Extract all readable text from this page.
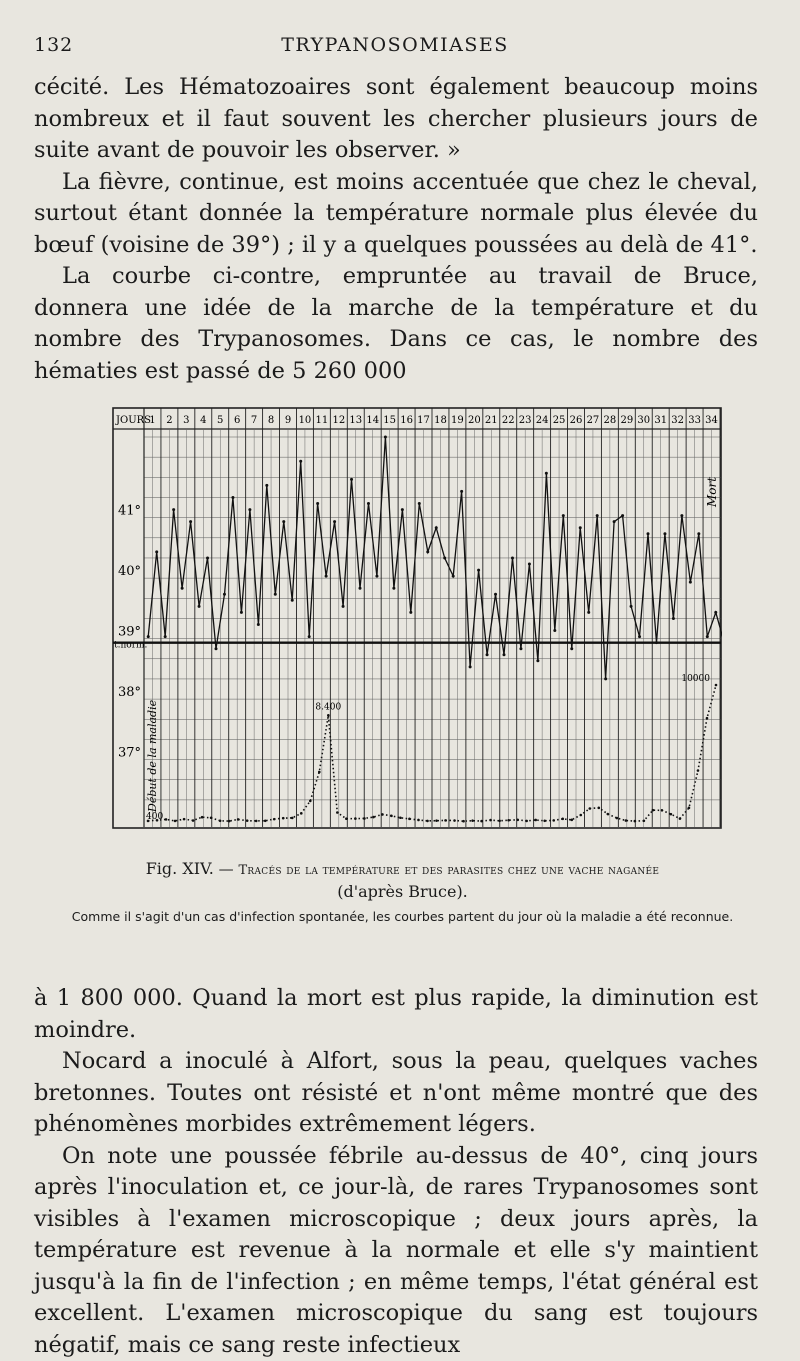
132	TRYPANOSOMIASES

cécité. Les Hématozoaires sont également beaucoup moins nombreux et il faut souvent les chercher plusieurs jours de suite avant de pouvoir les observer. »

La fièvre, continue, est moins accentuée que chez le cheval, surtout étant donnée la température normale plus élevée du bœuf (voisine de 39°) ; il y a quelques poussées au delà de 41°.

La courbe ci-contre, empruntée au travail de Bruce, donnera une idée de la marche de la température et du nombre des Trypanosomes. Dans ce cas, le nombre des hématies est passé de 5 260 000

JOURS
1 2 3 4 5 6 7 8 9 10 11 12 13 14 15 16 17 18 19 20 21 22 23 24 25 26 27 28 29 30 31 32 33 34
41°
40°
39°
t.norm.
38°
37° Début de la maladie
Mort
400
8.400
10000
Fig. XIV. — Tracés de la température et des parasites chez une vache naganée
(d'après Bruce).
Comme il s'agit d'un cas d'infection spontanée, les courbes partent du jour où la maladie a été reconnue.

à 1 800 000. Quand la mort est plus rapide, la diminution est moindre.

Nocard a inoculé à Alfort, sous la peau, quelques vaches bretonnes. Toutes ont résisté et n'ont même montré que des phénomènes morbides extrêmement légers.

On note une poussée fébrile au-dessus de 40°, cinq jours après l'inoculation et, ce jour-là, de rares Trypanosomes sont visibles à l'examen microscopique ; deux jours après, la température est revenue à la normale et elle s'y maintient jusqu'à la fin de l'infection ; en même temps, l'état général est excellent. L'examen microscopique du sang est toujours négatif, mais ce sang reste infectieux
